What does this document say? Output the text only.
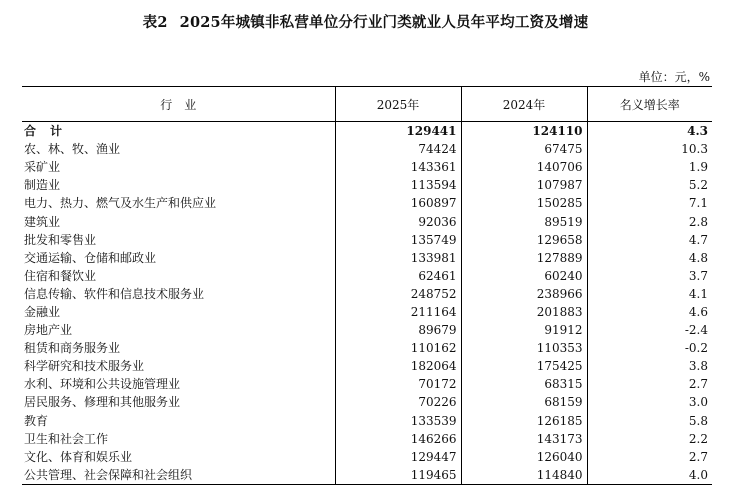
表2 2025年城镇非私营单位分行业门类就业人员年平均工资及增速
单位：元，%
行　业	2025年	2024年	名义增长率
合计	129441	124110	4.3
农、林、牧、渔业	74424	67475	10.3
采矿业	143361	140706	1.9
制造业	113594	107987	5.2
电力、热力、燃气及水生产和供应业	160897	150285	7.1
建筑业	92036	89519	2.8
批发和零售业	135749	129658	4.7
交通运输、仓储和邮政业	133981	127889	4.8
住宿和餐饮业	62461	60240	3.7
信息传输、软件和信息技术服务业	248752	238966	4.1
金融业	211164	201883	4.6
房地产业	89679	91912	-2.4
租赁和商务服务业	110162	110353	-0.2
科学研究和技术服务业	182064	175425	3.8
水利、环境和公共设施管理业	70172	68315	2.7
居民服务、修理和其他服务业	70226	68159	3.0
教育	133539	126185	5.8
卫生和社会工作	146266	143173	2.2
文化、体育和娱乐业	129447	126040	2.7
公共管理、社会保障和社会组织	119465	114840	4.0
